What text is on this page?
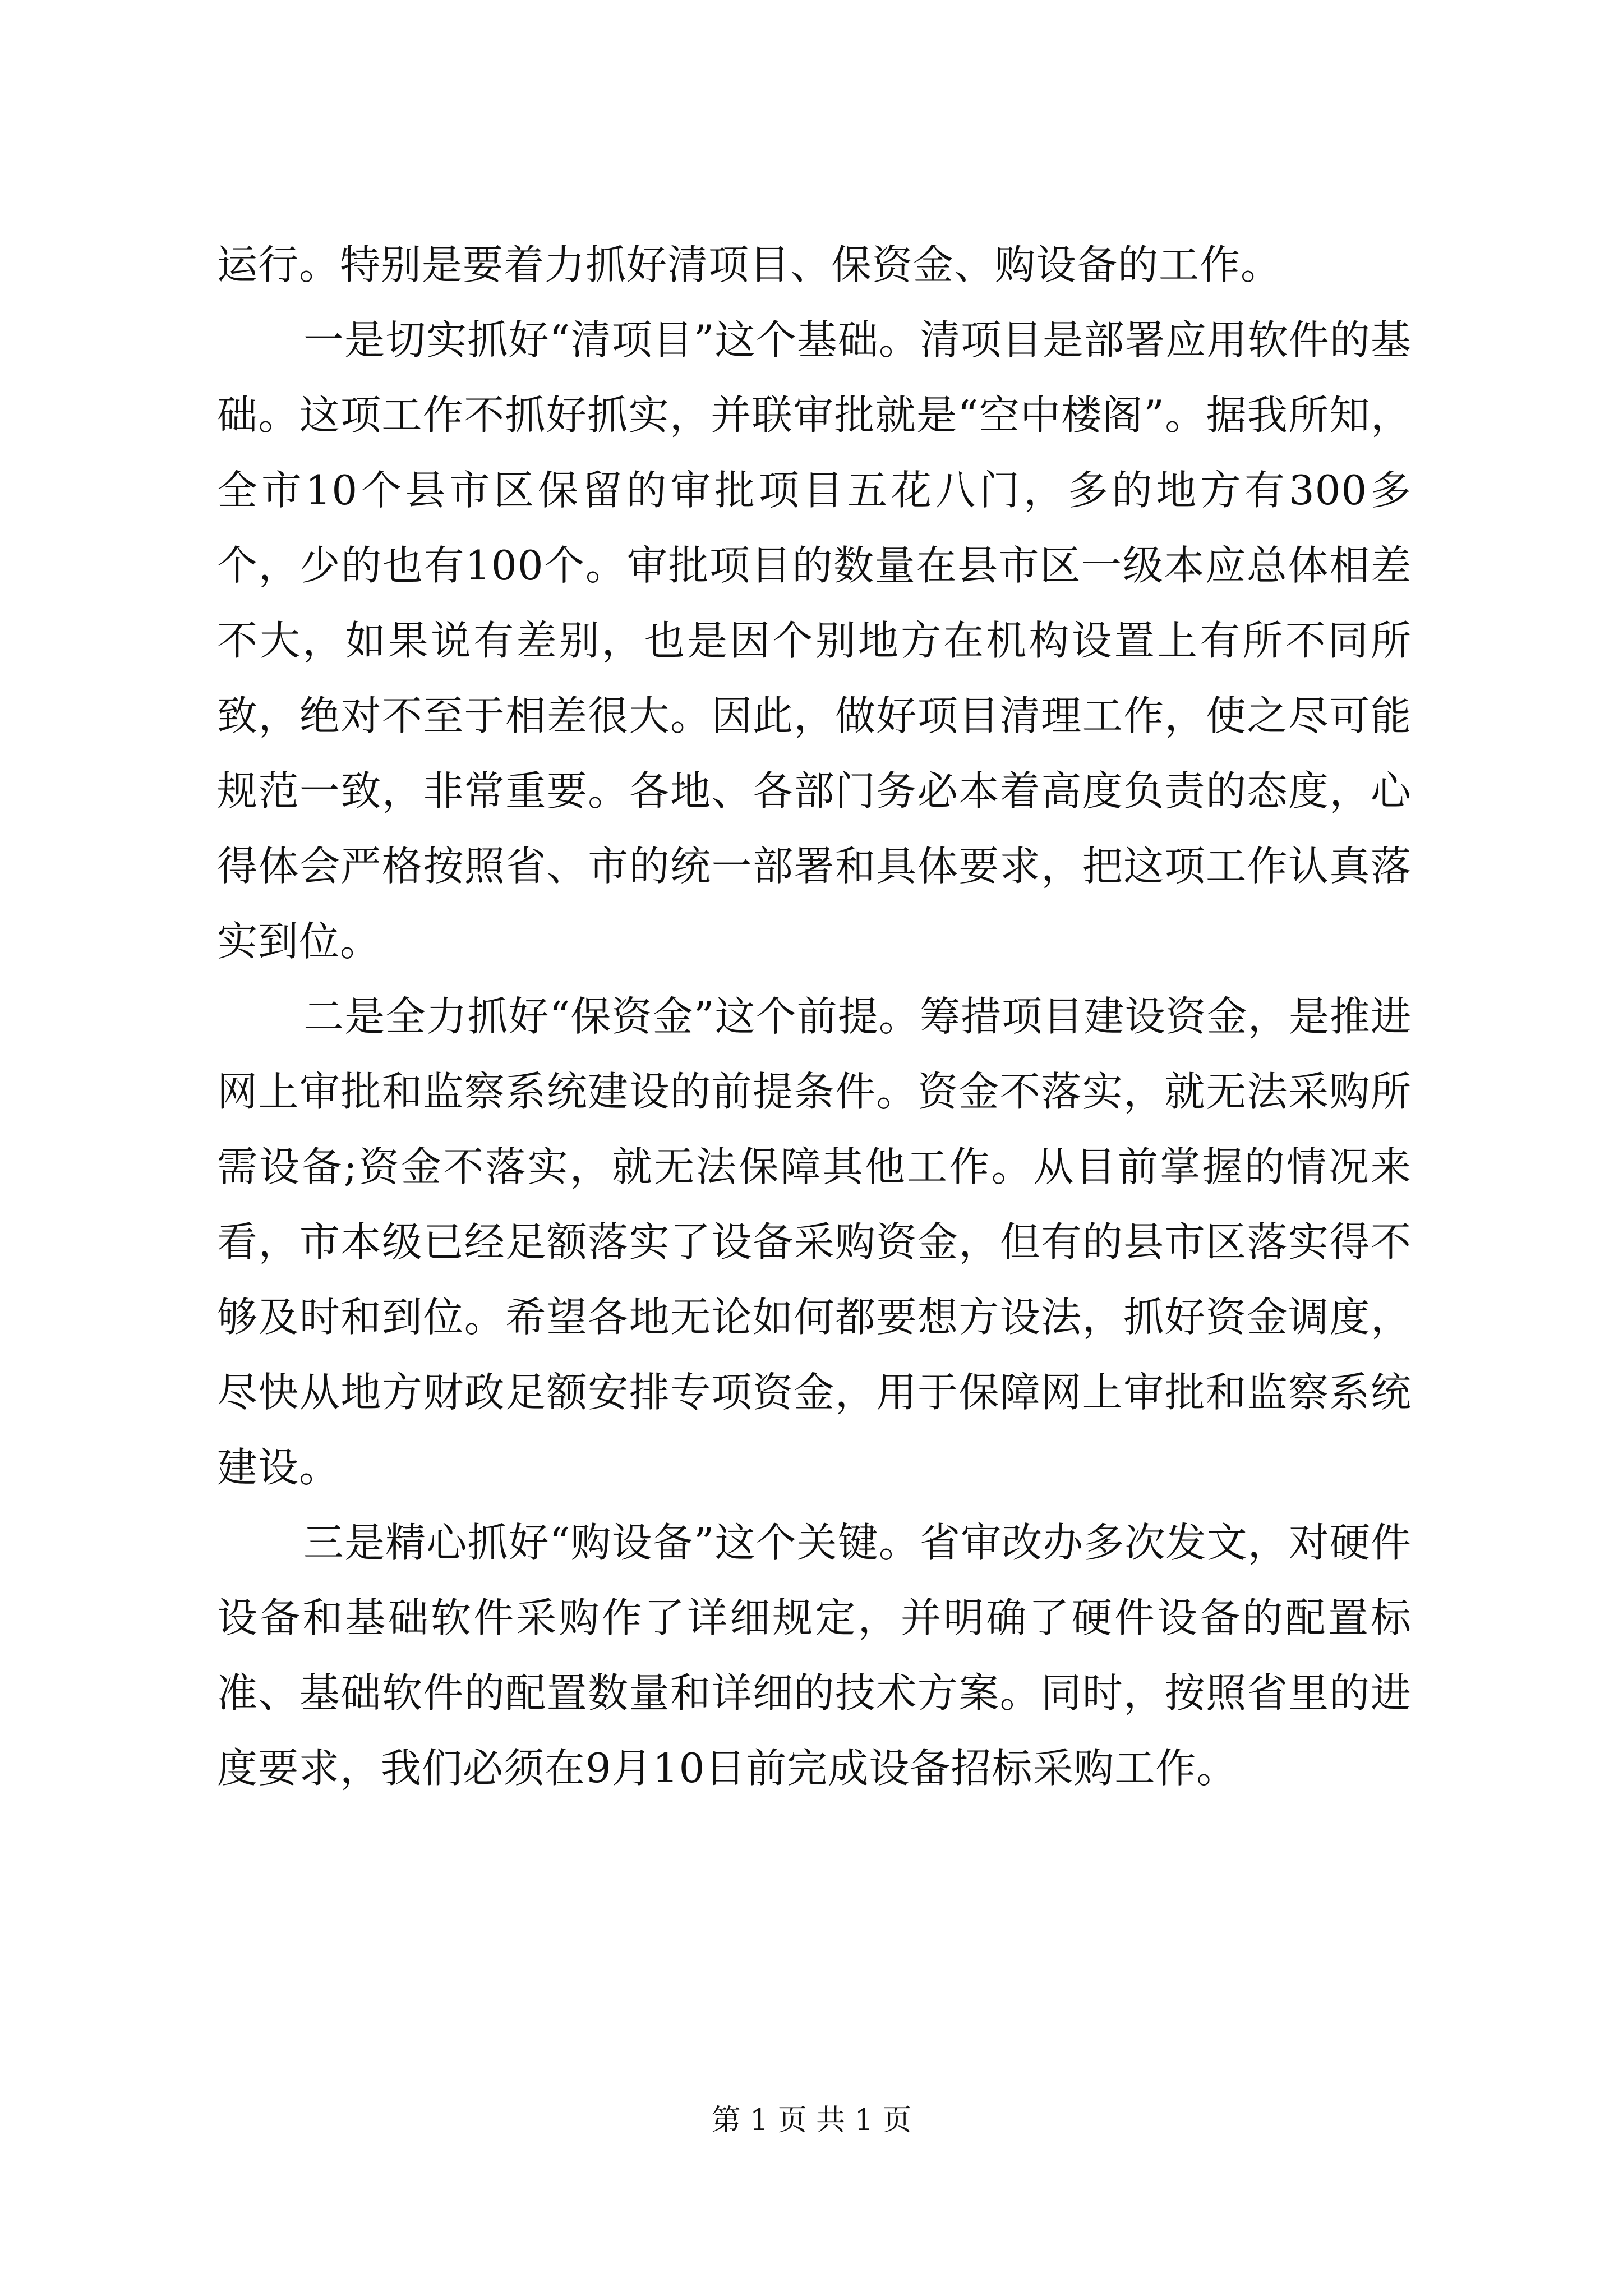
运行。特别是要着力抓好清项目、保资金、购设备的工作。

一是切实抓好“清项目”这个基础。清项目是部署应用软件的基础。这项工作不抓好抓实，并联审批就是“空中楼阁”。据我所知，全市10个县市区保留的审批项目五花八门，多的地方有300多个，少的也有100个。审批项目的数量在县市区一级本应总体相差不大，如果说有差别，也是因个别地方在机构设置上有所不同所致，绝对不至于相差很大。因此，做好项目清理工作，使之尽可能规范一致，非常重要。各地、各部门务必本着高度负责的态度，心得体会严格按照省、市的统一部署和具体要求，把这项工作认真落实到位。

二是全力抓好“保资金”这个前提。筹措项目建设资金，是推进网上审批和监察系统建设的前提条件。资金不落实，就无法采购所需设备;资金不落实，就无法保障其他工作。从目前掌握的情况来看，市本级已经足额落实了设备采购资金，但有的县市区落实得不够及时和到位。希望各地无论如何都要想方设法，抓好资金调度，尽快从地方财政足额安排专项资金，用于保障网上审批和监察系统建设。

三是精心抓好“购设备”这个关键。省审改办多次发文，对硬件设备和基础软件采购作了详细规定，并明确了硬件设备的配置标准、基础软件的配置数量和详细的技术方案。同时，按照省里的进度要求，我们必须在9月10日前完成设备招标采购工作。

第 1 页 共 1 页
